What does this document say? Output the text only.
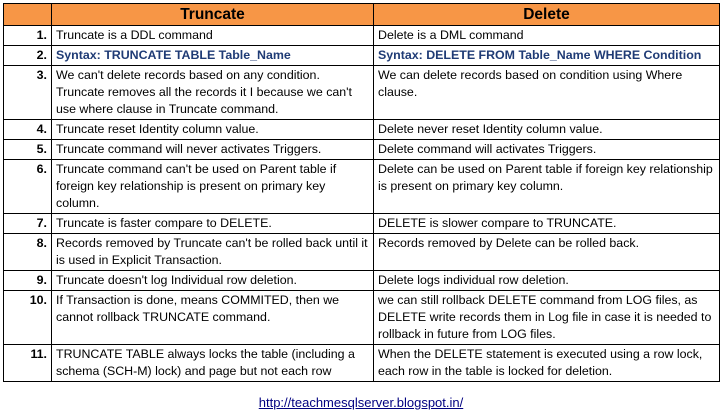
	Truncate	Delete
1.	Truncate is a DDL command	Delete is a DML command
2.	Syntax: TRUNCATE TABLE Table_Name	Syntax: DELETE FROM Table_Name WHERE Condition
3.	We can't delete records based on any condition. Truncate removes all the records it I because we can't use where clause in Truncate command.	We can delete records based on condition using Where clause.
4.	Truncate reset Identity column value.	Delete never reset Identity column value.
5.	Truncate command will never activates Triggers.	Delete command will activates Triggers.
6.	Truncate command can't be used on Parent table if foreign key relationship is present on primary key column.	Delete can be used on Parent table if foreign key relationship is present on primary key column.
7.	Truncate is faster compare to DELETE.	DELETE is slower compare to TRUNCATE.
8.	Records removed by Truncate can't be rolled back until it is used in Explicit Transaction.	Records removed by Delete can be rolled back.
9.	Truncate doesn't log Individual row deletion.	Delete logs individual row deletion.
10.	If Transaction is done, means COMMITED, then we cannot rollback TRUNCATE command.	we can still rollback DELETE command from LOG files, as DELETE write records them in Log file in case it is needed to rollback in future from LOG files.
11.	TRUNCATE TABLE always locks the table (including a schema (SCH-M) lock) and page but not each row	When the DELETE statement is executed using a row lock, each row in the table is locked for deletion.
http://teachmesqlserver.blogspot.in/
